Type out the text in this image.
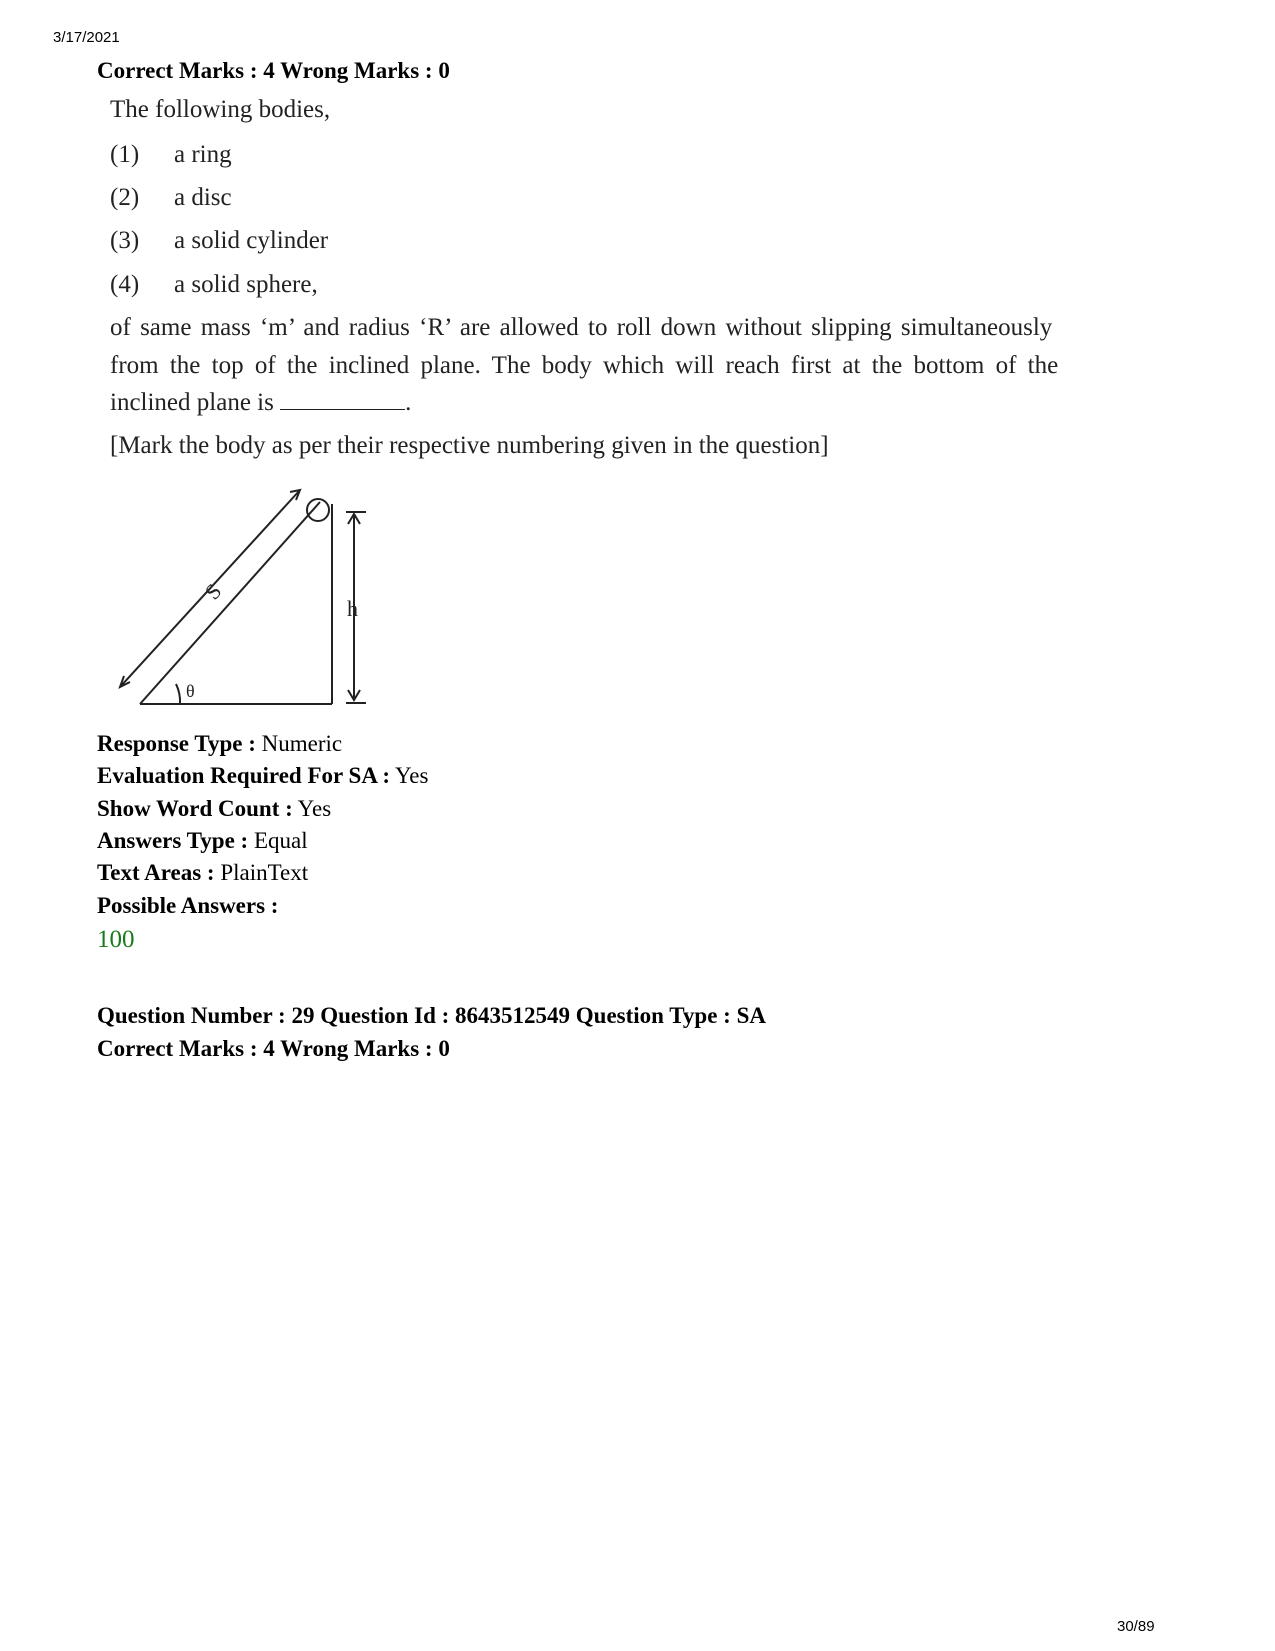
3/17/2021
Correct Marks : 4 Wrong Marks : 0
The following bodies,
(1) a ring
(2) a disc
(3) a solid cylinder
(4) a solid sphere,
of same mass ‘m’ and radius ‘R’ are allowed to roll down without slipping simultaneously
from the top of the inclined plane. The body which will reach first at the bottom of the
inclined plane is	.
[Mark the body as per their respective numbering given in the question]
S
h
θ
Response Type : Numeric
Evaluation Required For SA : Yes
Show Word Count : Yes
Answers Type : Equal
Text Areas : PlainText
Possible Answers :
100
Question Number : 29 Question Id : 8643512549 Question Type : SA
Correct Marks : 4 Wrong Marks : 0
30/89
